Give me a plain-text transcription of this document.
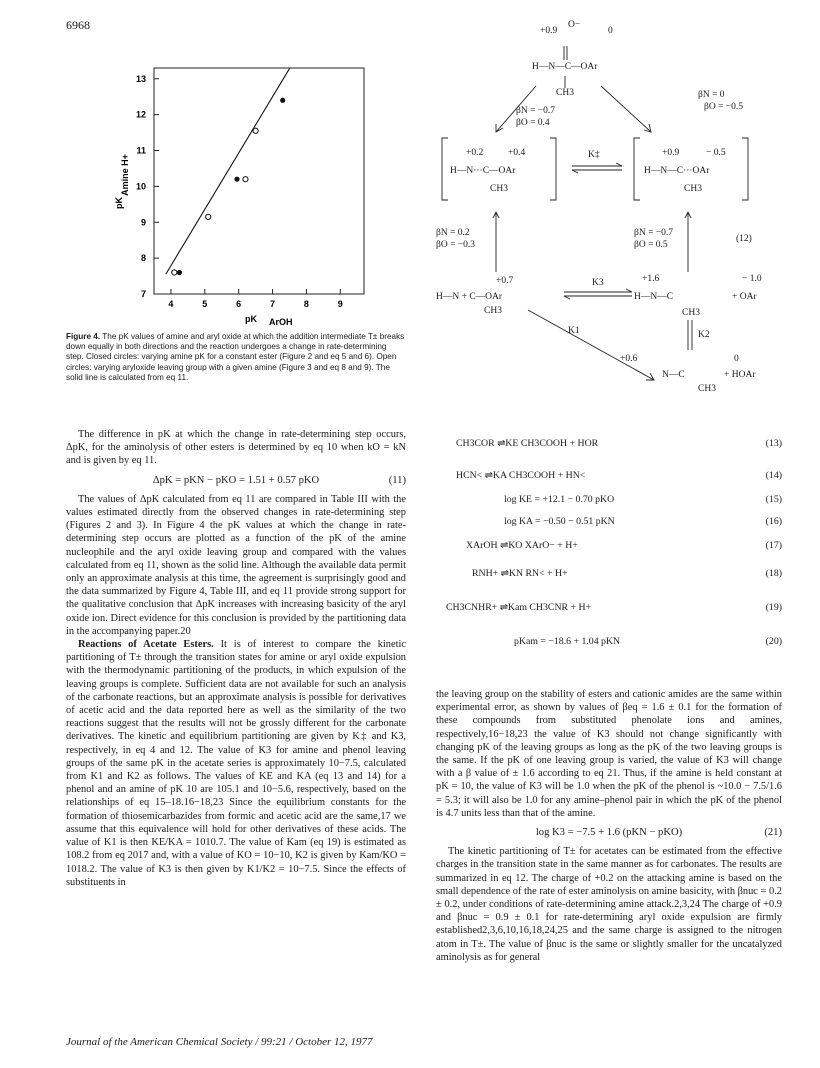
6968
4	5	6	7	8	9
7
8
9
10
11
12
13
pK ArOH
pK
Amine H+
Figure 4. The pK values of amine and aryl oxide at which the addition intermediate T± breaks down equally in both directions and the reaction undergoes a change in rate-determining step. Closed circles: varying amine pK for a constant ester (Figure 2 and eq 5 and 6). Open circles: varying aryloxide leaving group with a given amine (Figure 3 and eq 8 and 9). The solid line is calculated from eq 11.

The difference in pK at which the change in rate-determining step occurs, ΔpK, for the aminolysis of other esters is determined by eq 10 when kO = kN and is given by eq 11.

ΔpK = pKN − pKO = 1.51 + 0.57 pKO	(11)

The values of ΔpK calculated from eq 11 are compared in Table III with the values estimated directly from the observed changes in rate-determining step (Figures 2 and 3). In Figure 4 the pK values at which the change in rate-determining step occurs are plotted as a function of the pK of the amine nucleophile and the aryl oxide leaving group and compared with the values calculated from eq 11, shown as the solid line. Although the available data permit only an approximate analysis at this time, the agreement is surprisingly good and the data summarized by Figure 4, Table III, and eq 11 provide strong support for the qualitative conclusion that ΔpK increases with increasing basicity of the aryl oxide ion. Direct evidence for this conclusion is provided by the partitioning data in the accompanying paper.20

Reactions of Acetate Esters. It is of interest to compare the kinetic partitioning of T± through the transition states for amine or aryl oxide expulsion with the thermodynamic partitioning of the products, in which expulsion of the leaving groups is complete. Sufficient data are not available for such an analysis of the carbonate reactions, but an approximate analysis is possible for derivatives of acetic acid and the data reported here as well as the similarity of the two reactions suggest that the results will not be grossly different for the carbonate derivatives. The kinetic and equilibrium partitioning are given by K‡ and K3, respectively, in eq 4 and 12. The value of K3 for amine and phenol leaving groups of the same pK in the acetate series is approximately 10−7.5, calculated from K1 and K2 as follows. The values of KE and KA (eq 13 and 14) for a phenol and an amine of pK 10 are 105.1 and 10−5.6, respectively, based on the relationships of eq 15–18.16−18,23 Since the equilibrium constants for the formation of thiosemicarbazides from formic and acetic acid are the same,17 we assume that this equivalence will hold for other derivatives of these acids. The value of K1 is then KE/KA = 1010.7. The value of Kam (eq 19) is estimated as 108.2 from eq 2017 and, with a value of KO = 10−10, K2 is given by Kam/KO = 1018.2. The value of K3 is then given by K1/K2 = 10−7.5. Since the effects of substituents in

+0.9
O−
0
H—N—C—OAr
CH3
βN = −0.7
βO = 0.4
βN = 0
βO = −0.5
+0.2	+0.4
H—N···C—OAr
CH3
K‡	+0.9	− 0.5
H—N—C···OAr
CH3
βN = 0.2
βO = −0.3
βN = −0.7
βO = 0.5
(12)
+0.7
H—N + C—OAr
CH3
K3	+1.6	− 1.0
H—N—C	+ OAr
CH3
K1	K2
+0.6	0
N—C	+ HOAr
CH3
CH3COR ⇌KE CH3COOH + HOR	(13)
HCN< ⇌KA CH3COOH + HN<	(14)
log KE = +12.1 − 0.70 pKO	(15)
log KA = −0.50 − 0.51 pKN	(16)
XArOH ⇌KO XArO− + H+	(17)
RNH+ ⇌KN RN< + H+	(18)
CH3CNHR+ ⇌Kam CH3CNR + H+	(19)
pKam = −18.6 + 1.04 pKN	(20)

the leaving group on the stability of esters and cationic amides are the same within experimental error, as shown by values of βeq = 1.6 ± 0.1 for the formation of these compounds from substituted phenolate ions and amines, respectively,16−18,23 the value of K3 should not change significantly with changing pK of the leaving groups as long as the pK of the two leaving groups is the same. If the pK of one leaving group is varied, the value of K3 will change with a β value of ± 1.6 according to eq 21. Thus, if the amine is held constant at pK = 10, the value of K3 will be 1.0 when the pK of the phenol is ~10.0 − 7.5/1.6 = 5.3; it will also be 1.0 for any amine–phenol pair in which the pK of the phenol is 4.7 units less than that of the amine.

log K3 = −7.5 + 1.6 (pKN − pKO)	(21)

The kinetic partitioning of T± for acetates can be estimated from the effective charges in the transition state in the same manner as for carbonates. The results are summarized in eq 12. The charge of +0.2 on the attacking amine is based on the small dependence of the rate of ester aminolysis on amine basicity, with βnuc = 0.2 ± 0.2, under conditions of rate-determining amine attack.2,3,24 The charge of +0.9 and βnuc = 0.9 ± 0.1 for rate-determining aryl oxide expulsion are firmly established2,3,6,10,16,18,24,25 and the same charge is assigned to the nitrogen atom in T±. The value of βnuc is the same or slightly smaller for the uncatalyzed aminolysis as for general

Journal of the American Chemical Society / 99:21 / October 12, 1977
